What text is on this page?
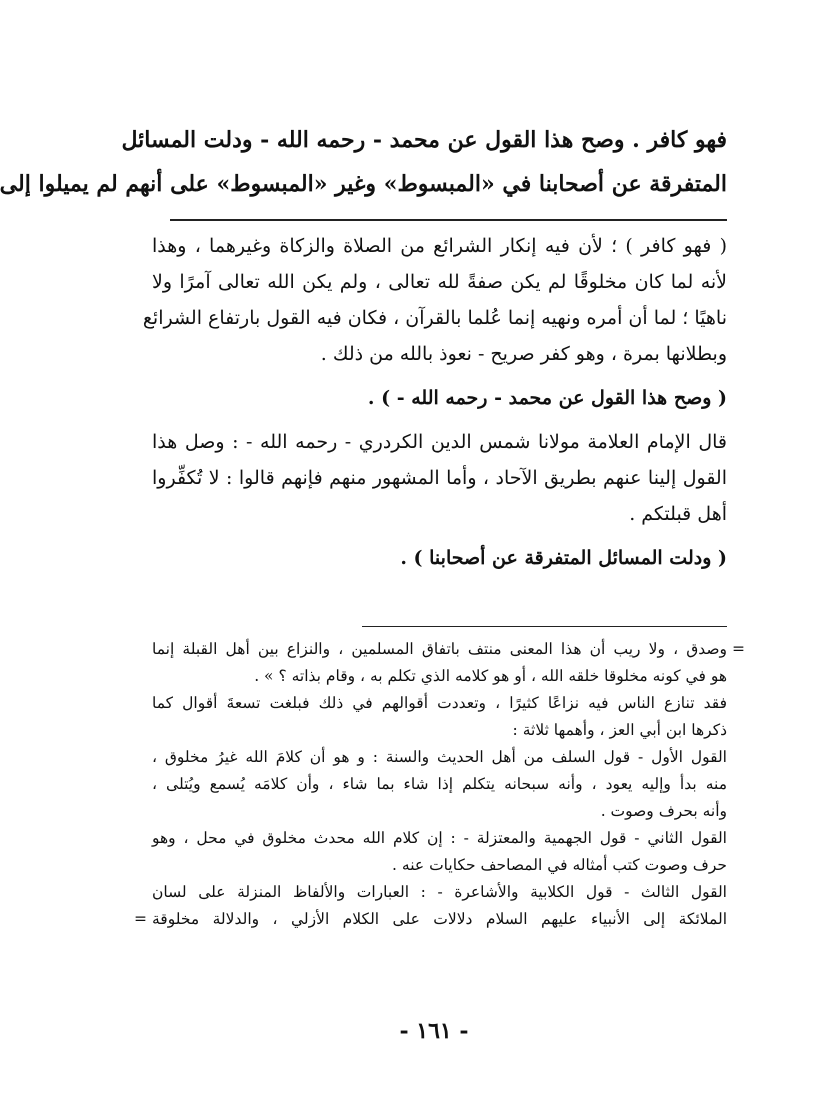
فهو كافر . وصح هذا القول عن محمد - رحمه الله - ودلت المسائل
المتفرقة عن أصحابنا في «المبسوط» وغير «المبسوط» على أنهم لم يميلوا إلى

( فهو كافر ) ؛ لأن فيه إنكار الشرائع من الصلاة والزكاة وغيرهما ، وهذا
لأنه لما كان مخلوقًا لم يكن صفةً لله تعالى ، ولم يكن الله تعالى آمرًا ولا
ناهيًا ؛ لما أن أمره ونهيه إنما عُلما بالقرآن ، فكان فيه القول بارتفاع الشرائع
وبطلانها بمرة ، وهو كفر صريح - نعوذ بالله من ذلك .

( وصح هذا القول عن محمد - رحمه الله - ) .

قال الإمام العلامة مولانا شمس الدين الكردري - رحمه الله - : وصل هذا
القول إلينا عنهم بطريق الآحاد ، وأما المشهور منهم فإنهم قالوا : لا تُكفِّروا
أهل قبلتكم .

( ودلت المسائل المتفرقة عن أصحابنا ) .

=
وصدق ، ولا ريب أن هذا المعنى منتف باتفاق المسلمين ، والنزاع بين أهل القبلة إنما
هو في كونه مخلوقا خلقه الله ، أو هو كلامه الذي تكلم به ، وقام بذاته ؟ » .
فقد تنازع الناس فيه نزاعًا كثيرًا ، وتعددت أقوالهم في ذلك فبلغت تسعةَ أقوال كما
ذكرها ابن أبي العز ، وأهمها ثلاثة :
القول الأول - قول السلف من أهل الحديث والسنة : و هو أن كلامَ الله غيرُ مخلوق ،
منه بدأ وإليه يعود ، وأنه سبحانه يتكلم إذا شاء بما شاء ، وأن كلامَه يُسمع ويُتلى ،
وأنه بحرف وصوت .
القول الثاني - قول الجهمية والمعتزلة - : إن كلام الله محدث مخلوق في محل ، وهو
حرف وصوت كتب أمثاله في المصاحف حكايات عنه .
القول الثالث - قول الكلابية والأشاعرة - : العبارات والألفاظ المنزلة على لسان
الملائكة إلى الأنبياء عليهم السلام دلالات على الكلام الأزلي ، والدلالة مخلوقة
=
- ١٦١ -
